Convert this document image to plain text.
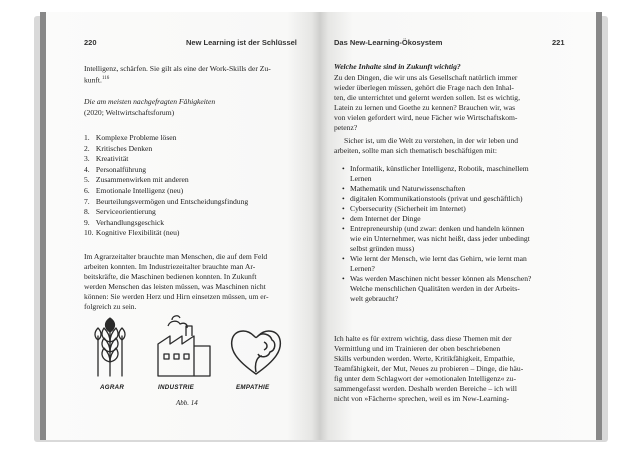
220	New Learning ist der Schlüssel
Intelligenz, schärfen. Sie gilt als eine der Work-Skills der Zu-
kunft.$^{116}$
Die am meisten nachgefragten Fähigkeiten
(2020; Weltwirtschaftsforum)
1. Komplexe Probleme lösen
2. Kritisches Denken
3. Kreativität
4. Personalführung
5. Zusammenwirken mit anderen
6. Emotionale Intelligenz (neu)
7. Beurteilungsvermögen und Entscheidungsfindung
8. Serviceorientierung
9. Verhandlungsgeschick
10. Kognitive Flexibilität (neu)
Im Agrarzeitalter brauchte man Menschen, die auf dem Feld
arbeiten konnten. Im Industriezeitalter brauchte man Ar-
beitskräfte, die Maschinen bedienen konnten. In Zukunft
werden Menschen das leisten müssen, was Maschinen nicht
können: Sie werden Herz und Hirn einsetzen müssen, um er-
folgreich zu sein.
AGRAR	INDUSTRIE	EMPATHIE
Abb. 14
Das New-Learning-Ökosystem	221
Welche Inhalte sind in Zukunft wichtig?
Zu den Dingen, die wir uns als Gesellschaft natürlich immer
wieder überlegen müssen, gehört die Frage nach den Inhal-
ten, die unterrichtet und gelernt werden sollen. Ist es wichtig,
Latein zu lernen und Goethe zu kennen? Brauchen wir, was
von vielen gefordert wird, neue Fächer wie Wirtschaftskom-
petenz?
Sicher ist, um die Welt zu verstehen, in der wir leben und
arbeiten, sollte man sich thematisch beschäftigen mit:
• Informatik, künstlicher Intelligenz, Robotik, maschinellem
Lernen
• Mathematik und Naturwissenschaften
• digitalen Kommunikationstools (privat und geschäftlich)
• Cybersecurity (Sicherheit im Internet)
• dem Internet der Dinge
• Entrepreneurship (und zwar: denken und handeln können
wie ein Unternehmer, was nicht heißt, dass jeder unbedingt
selbst gründen muss)
• Wie lernt der Mensch, wie lernt das Gehirn, wie lernt man
Lernen?
• Was werden Maschinen nicht besser können als Menschen?
Welche menschlichen Qualitäten werden in der Arbeits-
welt gebraucht?
Ich halte es für extrem wichtig, dass diese Themen mit der
Vermittlung und im Trainieren der oben beschriebenen
Skills verbunden werden. Werte, Kritikfähigkeit, Empathie,
Teamfähigkeit, der Mut, Neues zu probieren – Dinge, die häu-
fig unter dem Schlagwort der »emotionalen Intelligenz« zu-
sammengefasst werden. Deshalb werden Bereiche – ich will
nicht von »Fächern« sprechen, weil es im New-Learning-
